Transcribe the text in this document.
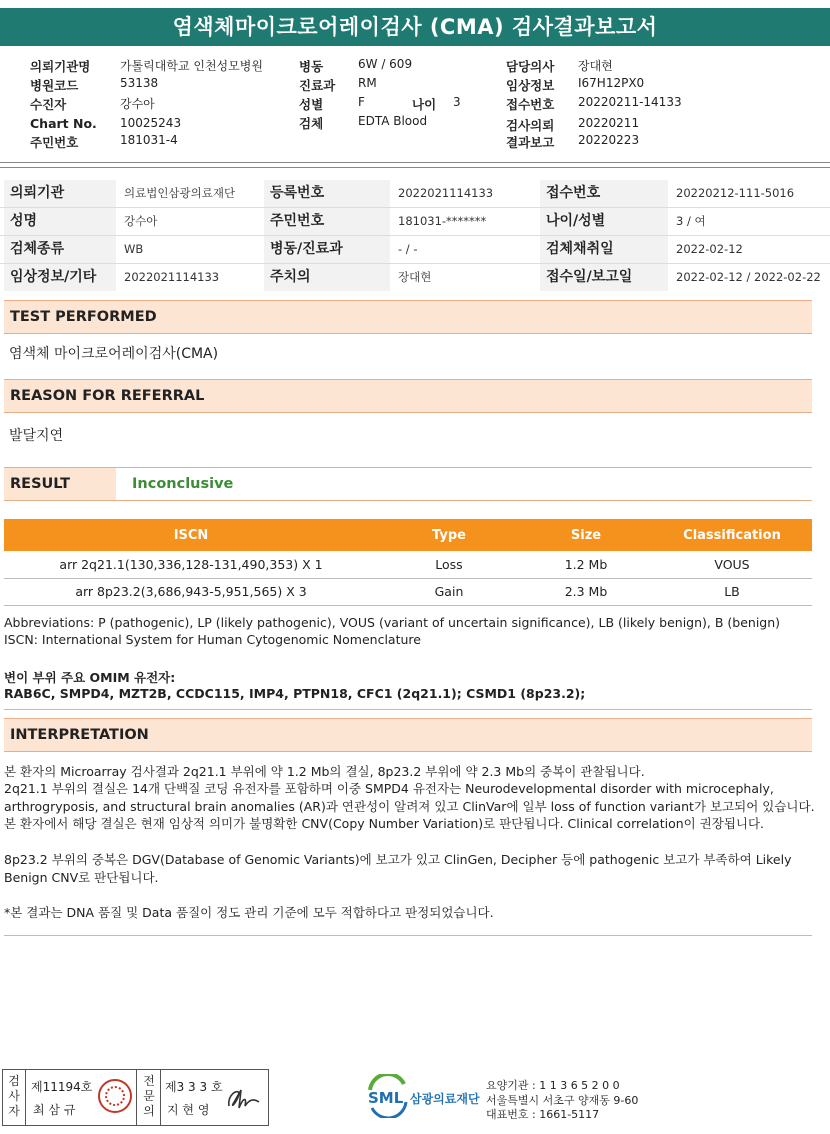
염색체마이크로어레이검사 (CMA) 검사결과보고서
의뢰기관명 가톨릭대학교 인천성모병원
병원코드	53138
수진자	강수아
Chart No. 10025243
주민번호	181031-4
병동	6W / 609
진료과 RM
성별	F	나이 3
검체	EDTA Blood
담당의사 장대현
임상정보 I67H12PX0
접수번호 20220211-14133
검사의뢰 20220211
결과보고 20220223
의뢰기관	의료법인삼광의료재단	등록번호	2022021114133	접수번호	20220212-111-5016
성명	강수아	주민번호	181031-*******	나이/성별	3 / 여
검체종류	WB	병동/진료과	- / -	검체채취일	2022-02-12
임상정보/기타	2022021114133	주치의	장대현	접수일/보고일	2022-02-12 / 2022-02-22
TEST PERFORMED
염색체 마이크로어레이검사(CMA)
REASON FOR REFERRAL
발달지연
RESULT	Inconclusive
ISCN	Type	Size	Classification
arr 2q21.1(130,336,128-131,490,353) X 1	Loss	1.2 Mb	VOUS
arr 8p23.2(3,686,943-5,951,565) X 3	Gain	2.3 Mb	LB
Abbreviations: P (pathogenic), LP (likely pathogenic), VOUS (variant of uncertain significance), LB (likely benign), B (benign)
ISCN: International System for Human Cytogenomic Nomenclature
변이 부위 주요 OMIM 유전자:
RAB6C, SMPD4, MZT2B, CCDC115, IMP4, PTPN18, CFC1 (2q21.1); CSMD1 (8p23.2);
INTERPRETATION
본 환자의 Microarray 검사결과 2q21.1 부위에 약 1.2 Mb의 결실, 8p23.2 부위에 약 2.3 Mb의 중복이 관찰됩니다.
2q21.1 부위의 결실은 14개 단백질 코딩 유전자를 포함하며 이중 SMPD4 유전자는 Neurodevelopmental disorder with microcephaly, arthrogryposis, and structural brain anomalies (AR)과 연관성이 알려져 있고 ClinVar에 일부 loss of function variant가 보고되어 있습니다. 본 환자에서 해당 결실은 현재 임상적 의미가 불명확한 CNV(Copy Number Variation)로 판단됩니다. Clinical correlation이 권장됩니다.
8p23.2 부위의 중복은 DGV(Database of Genomic Variants)에 보고가 있고 ClinGen, Decipher 등에 pathogenic 보고가 부족하여 Likely Benign CNV로 판단됩니다.
*본 결과는 DNA 품질 및 Data 품질이 정도 관리 기준에 모두 적합하다고 판정되었습니다.
검사자
제11194호
최 삼 규
전문의
제3 3 3 호
지 현 영
SML 삼광의료재단
요양기관 : 1 1 3 6 5 2 0 0
서울특별시 서초구 양재동 9-60
대표번호 : 1661-5117
